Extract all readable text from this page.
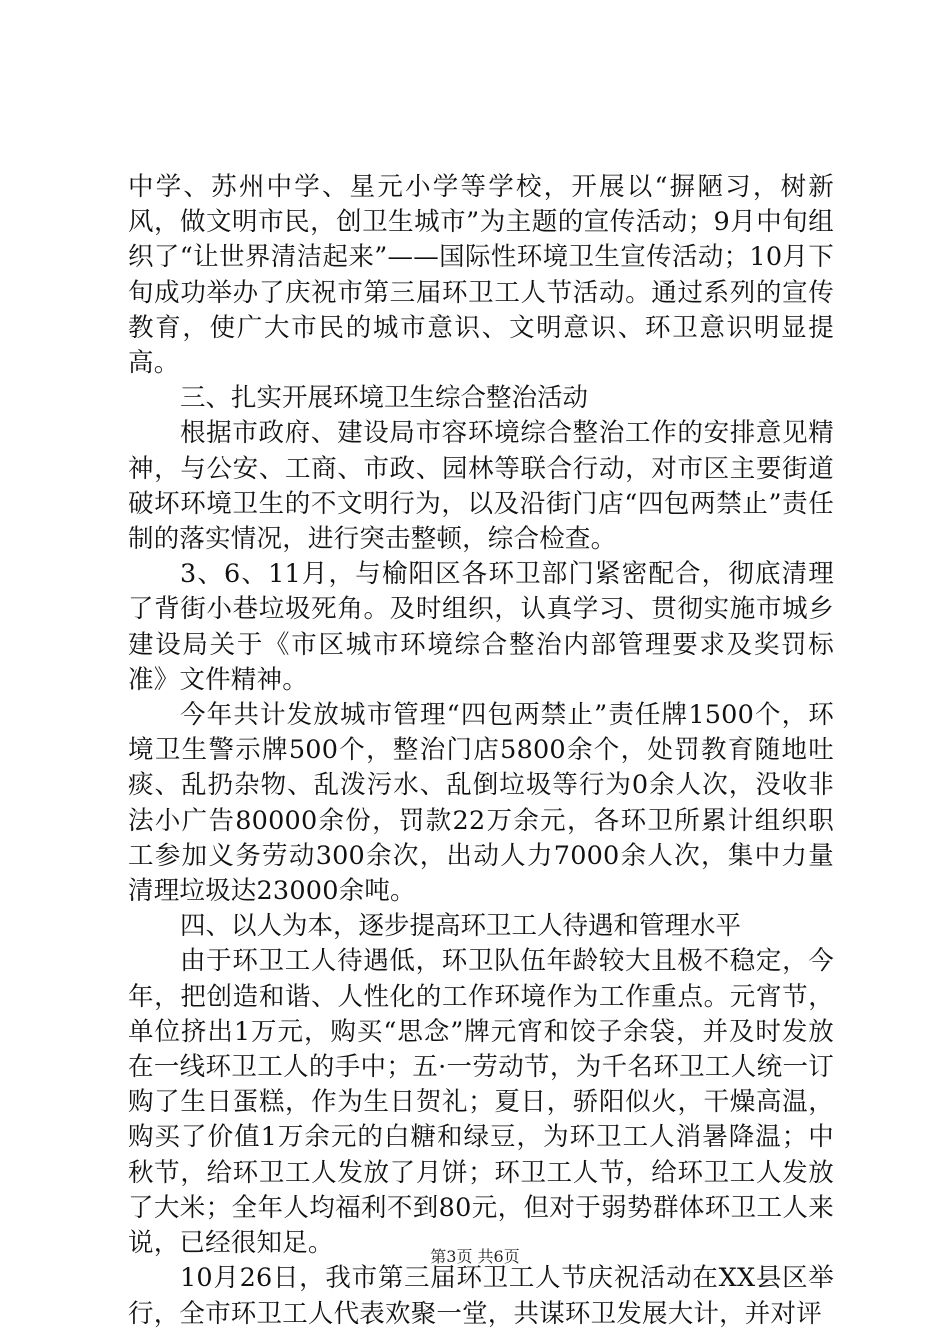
中学、苏州中学、星元小学等学校，开展以“摒陋习，树新风，做文明市民，创卫生城市”为主题的宣传活动；9月中旬组织了“让世界清洁起来”——国际性环境卫生宣传活动；10月下旬成功举办了庆祝市第三届环卫工人节活动。通过系列的宣传教育，使广大市民的城市意识、文明意识、环卫意识明显提高。

三、扎实开展环境卫生综合整治活动

根据市政府、建设局市容环境综合整治工作的安排意见精神，与公安、工商、市政、园林等联合行动，对市区主要街道破坏环境卫生的不文明行为，以及沿街门店“四包两禁止”责任制的落实情况，进行突击整顿，综合检查。

3、6、11月，与榆阳区各环卫部门紧密配合，彻底清理了背街小巷垃圾死角。及时组织，认真学习、贯彻实施市城乡建设局关于《市区城市环境综合整治内部管理要求及奖罚标准》文件精神。

今年共计发放城市管理“四包两禁止”责任牌1500个，环境卫生警示牌500个，整治门店5800余个，处罚教育随地吐痰、乱扔杂物、乱泼污水、乱倒垃圾等行为0余人次，没收非法小广告80000余份，罚款22万余元，各环卫所累计组织职工参加义务劳动300余次，出动人力7000余人次，集中力量清理垃圾达23000余吨。

四、以人为本，逐步提高环卫工人待遇和管理水平

由于环卫工人待遇低，环卫队伍年龄较大且极不稳定，今年，把创造和谐、人性化的工作环境作为工作重点。元宵节，单位挤出1万元，购买“思念”牌元宵和饺子余袋，并及时发放在一线环卫工人的手中；五·一劳动节，为千名环卫工人统一订购了生日蛋糕，作为生日贺礼；夏日，骄阳似火，干燥高温，购买了价值1万余元的白糖和绿豆，为环卫工人消暑降温；中秋节，给环卫工人发放了月饼；环卫工人节，给环卫工人发放了大米；全年人均福利不到80元，但对于弱势群体环卫工人来说，已经很知足。

10月26日，我市第三届环卫工人节庆祝活动在XX县区举行，全市环卫工人代表欢聚一堂，共谋环卫发展大计，并对评

第3页 共6页
